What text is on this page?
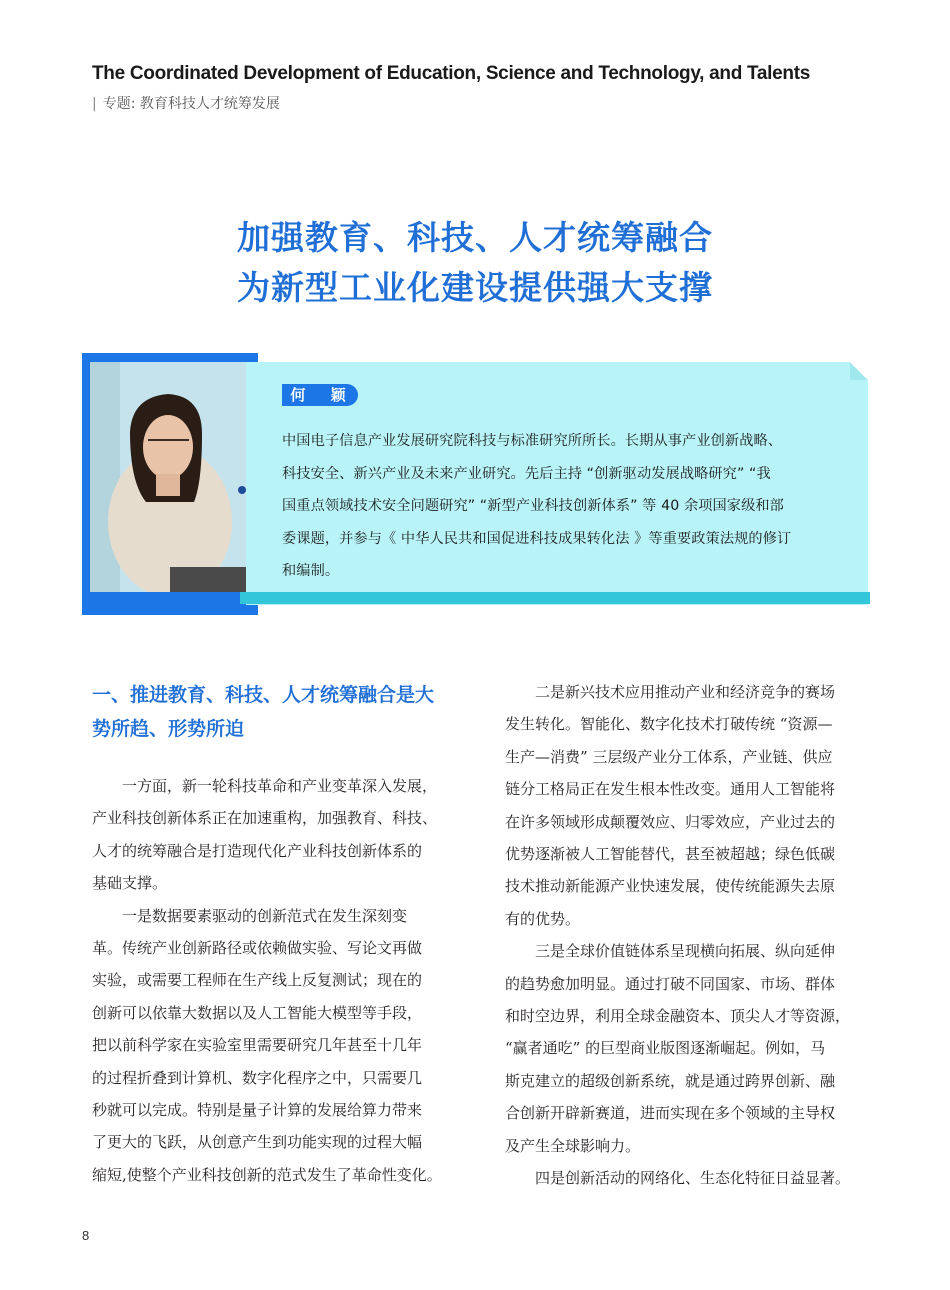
The Coordinated Development of Education, Science and Technology, and Talents
| 专题: 教育科技人才统筹发展
加强教育、科技、人才统筹融合
为新型工业化建设提供强大支撑
何 颖

中国电子信息产业发展研究院科技与标准研究所所长。长期从事产业创新战略、

科技安全、新兴产业及未来产业研究。先后主持 “创新驱动发展战略研究” “我

国重点领域技术安全问题研究” “新型产业科技创新体系” 等 40 余项国家级和部

委课题，并参与《 中华人民共和国促进科技成果转化法 》等重要政策法规的修订

和编制。

一、推进教育、科技、人才统筹融合是大

势所趋、形势所迫

　　一方面，新一轮科技革命和产业变革深入发展，
产业科技创新体系正在加速重构，加强教育、科技、
人才的统筹融合是打造现代化产业科技创新体系的
基础支撑。
　　一是数据要素驱动的创新范式在发生深刻变
革。传统产业创新路径或依赖做实验、写论文再做
实验，或需要工程师在生产线上反复测试；现在的
创新可以依靠大数据以及人工智能大模型等手段，
把以前科学家在实验室里需要研究几年甚至十几年
的过程折叠到计算机、数字化程序之中，只需要几
秒就可以完成。特别是量子计算的发展给算力带来
了更大的飞跃，从创意产生到功能实现的过程大幅
缩短,使整个产业科技创新的范式发生了革命性变化。
　　二是新兴技术应用推动产业和经济竞争的赛场
发生转化。智能化、数字化技术打破传统 “资源—
生产—消费” 三层级产业分工体系，产业链、供应
链分工格局正在发生根本性改变。通用人工智能将
在许多领域形成颠覆效应、归零效应，产业过去的
优势逐渐被人工智能替代，甚至被超越；绿色低碳
技术推动新能源产业快速发展，使传统能源失去原
有的优势。
　　三是全球价值链体系呈现横向拓展、纵向延伸
的趋势愈加明显。通过打破不同国家、市场、群体
和时空边界，利用全球金融资本、顶尖人才等资源，
“赢者通吃” 的巨型商业版图逐渐崛起。例如，马
斯克建立的超级创新系统，就是通过跨界创新、融
合创新开辟新赛道，进而实现在多个领域的主导权
及产生全球影响力。
　　四是创新活动的网络化、生态化特征日益显著。
8
